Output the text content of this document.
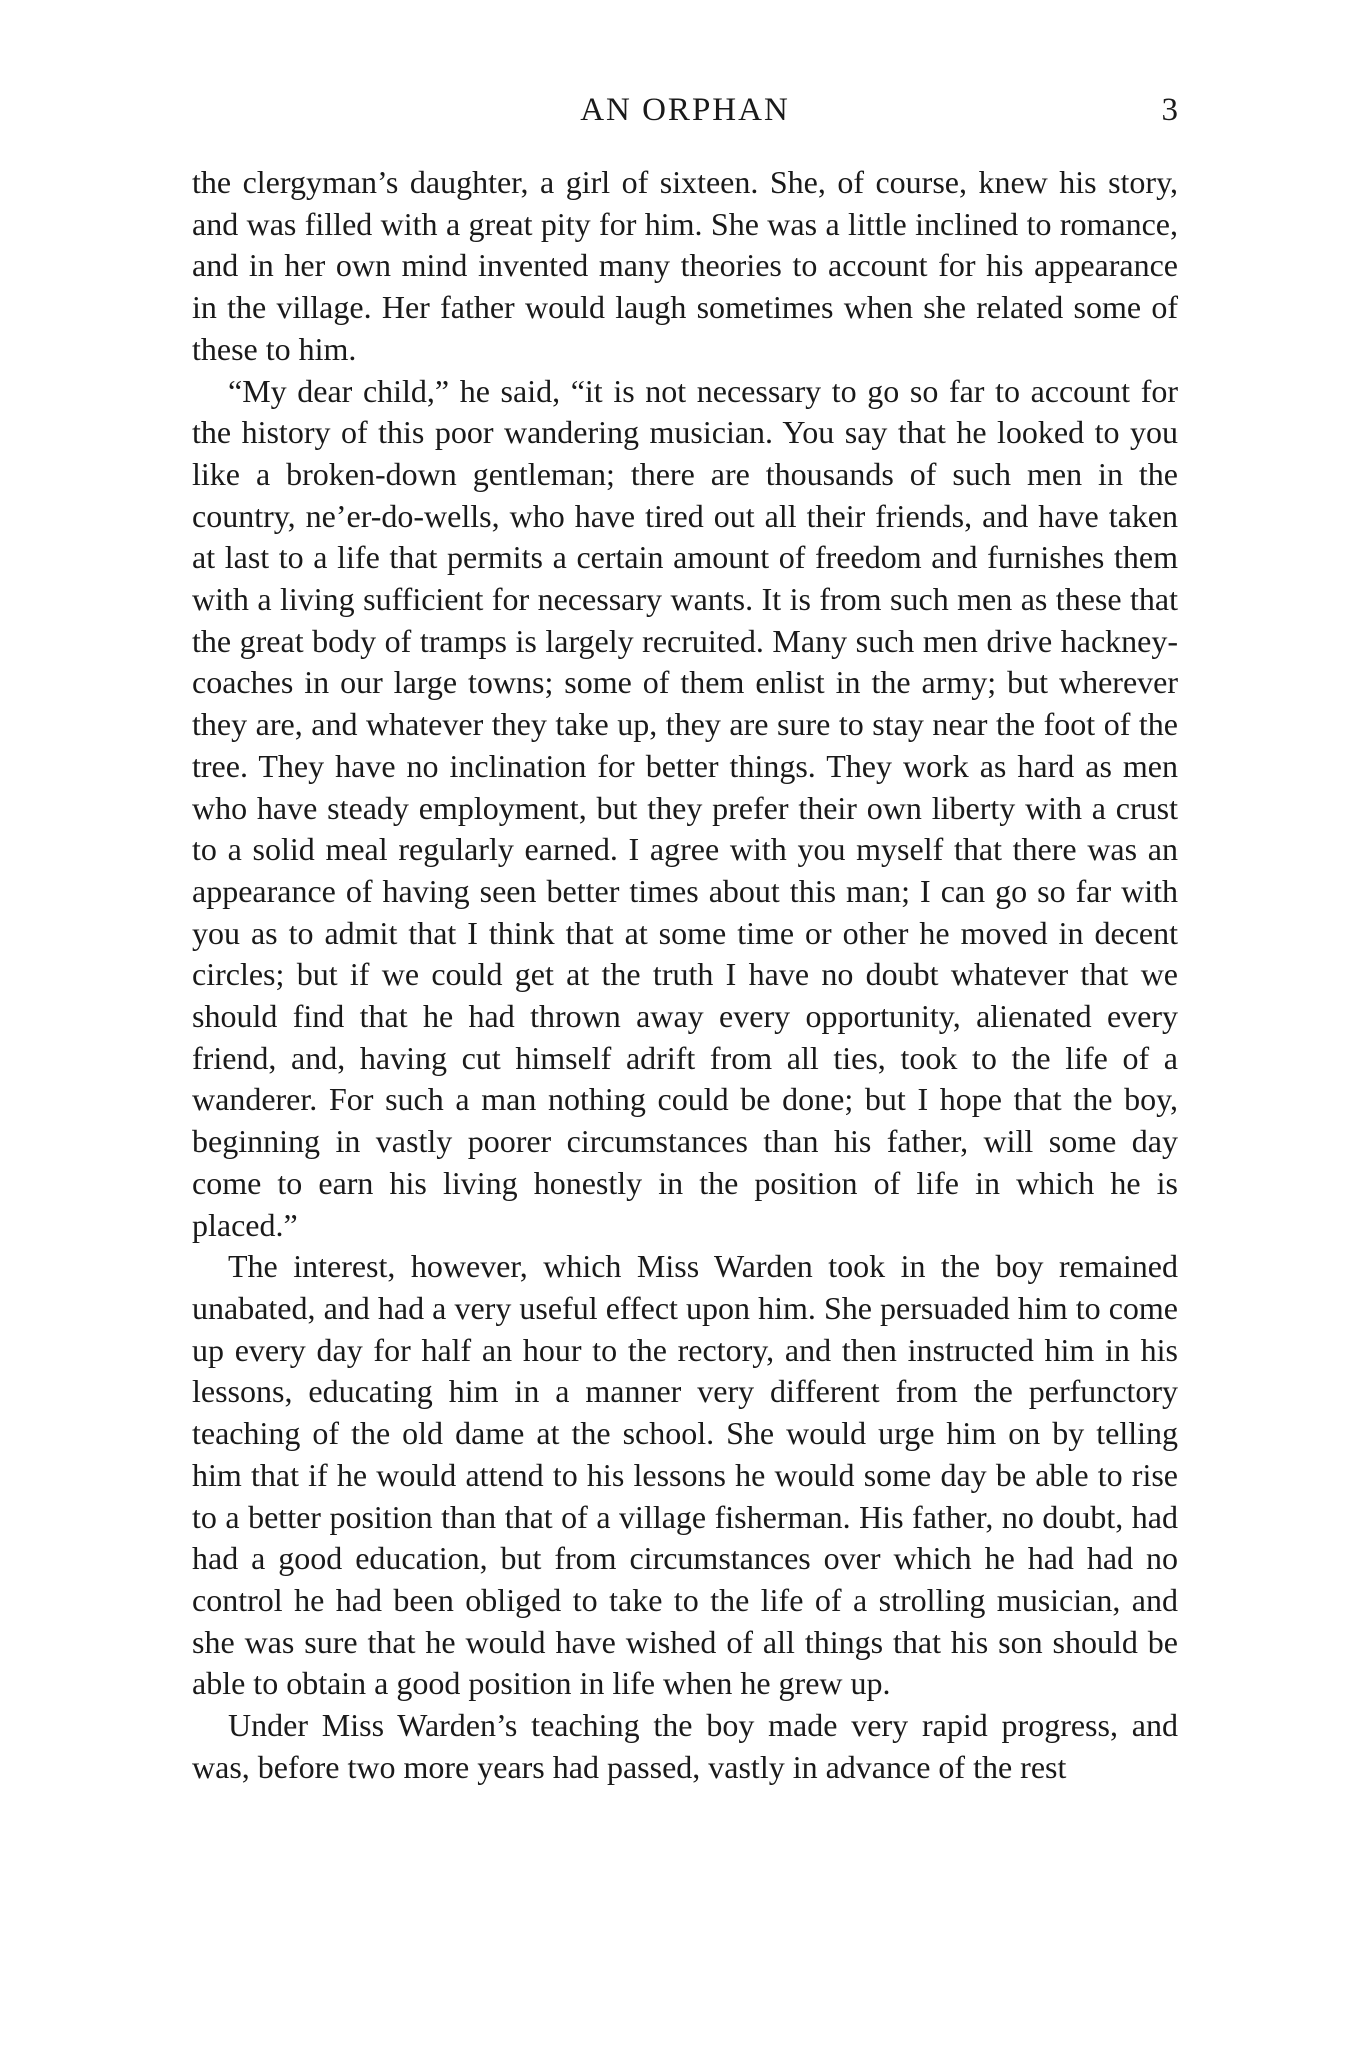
AN ORPHAN	3

the clergyman’s daughter, a girl of sixteen. She, of course, knew his story, and was filled with a great pity for him. She was a little inclined to romance, and in her own mind invented many theories to account for his appearance in the village. Her father would laugh sometimes when she related some of these to him.

“My dear child,” he said, “it is not necessary to go so far to account for the history of this poor wandering musician. You say that he looked to you like a broken-down gentleman; there are thousands of such men in the country, ne’er-do-wells, who have tired out all their friends, and have taken at last to a life that permits a certain amount of freedom and furnishes them with a living sufficient for necessary wants. It is from such men as these that the great body of tramps is largely recruited. Many such men drive hackney-coaches in our large towns; some of them enlist in the army; but wherever they are, and whatever they take up, they are sure to stay near the foot of the tree. They have no inclination for better things. They work as hard as men who have steady employment, but they prefer their own liberty with a crust to a solid meal regularly earned. I agree with you myself that there was an appearance of having seen better times about this man; I can go so far with you as to admit that I think that at some time or other he moved in decent circles; but if we could get at the truth I have no doubt whatever that we should find that he had thrown away every opportunity, alienated every friend, and, having cut himself adrift from all ties, took to the life of a wanderer. For such a man nothing could be done; but I hope that the boy, beginning in vastly poorer circumstances than his father, will some day come to earn his living honestly in the position of life in which he is placed.”

The interest, however, which Miss Warden took in the boy remained unabated, and had a very useful effect upon him. She persuaded him to come up every day for half an hour to the rectory, and then instructed him in his lessons, educating him in a manner very different from the perfunctory teaching of the old dame at the school. She would urge him on by telling him that if he would attend to his lessons he would some day be able to rise to a better position than that of a village fisherman. His father, no doubt, had had a good education, but from circumstances over which he had had no control he had been obliged to take to the life of a strolling musician, and she was sure that he would have wished of all things that his son should be able to obtain a good position in life when he grew up.

Under Miss Warden’s teaching the boy made very rapid progress, and was, before two more years had passed, vastly in advance of the rest
